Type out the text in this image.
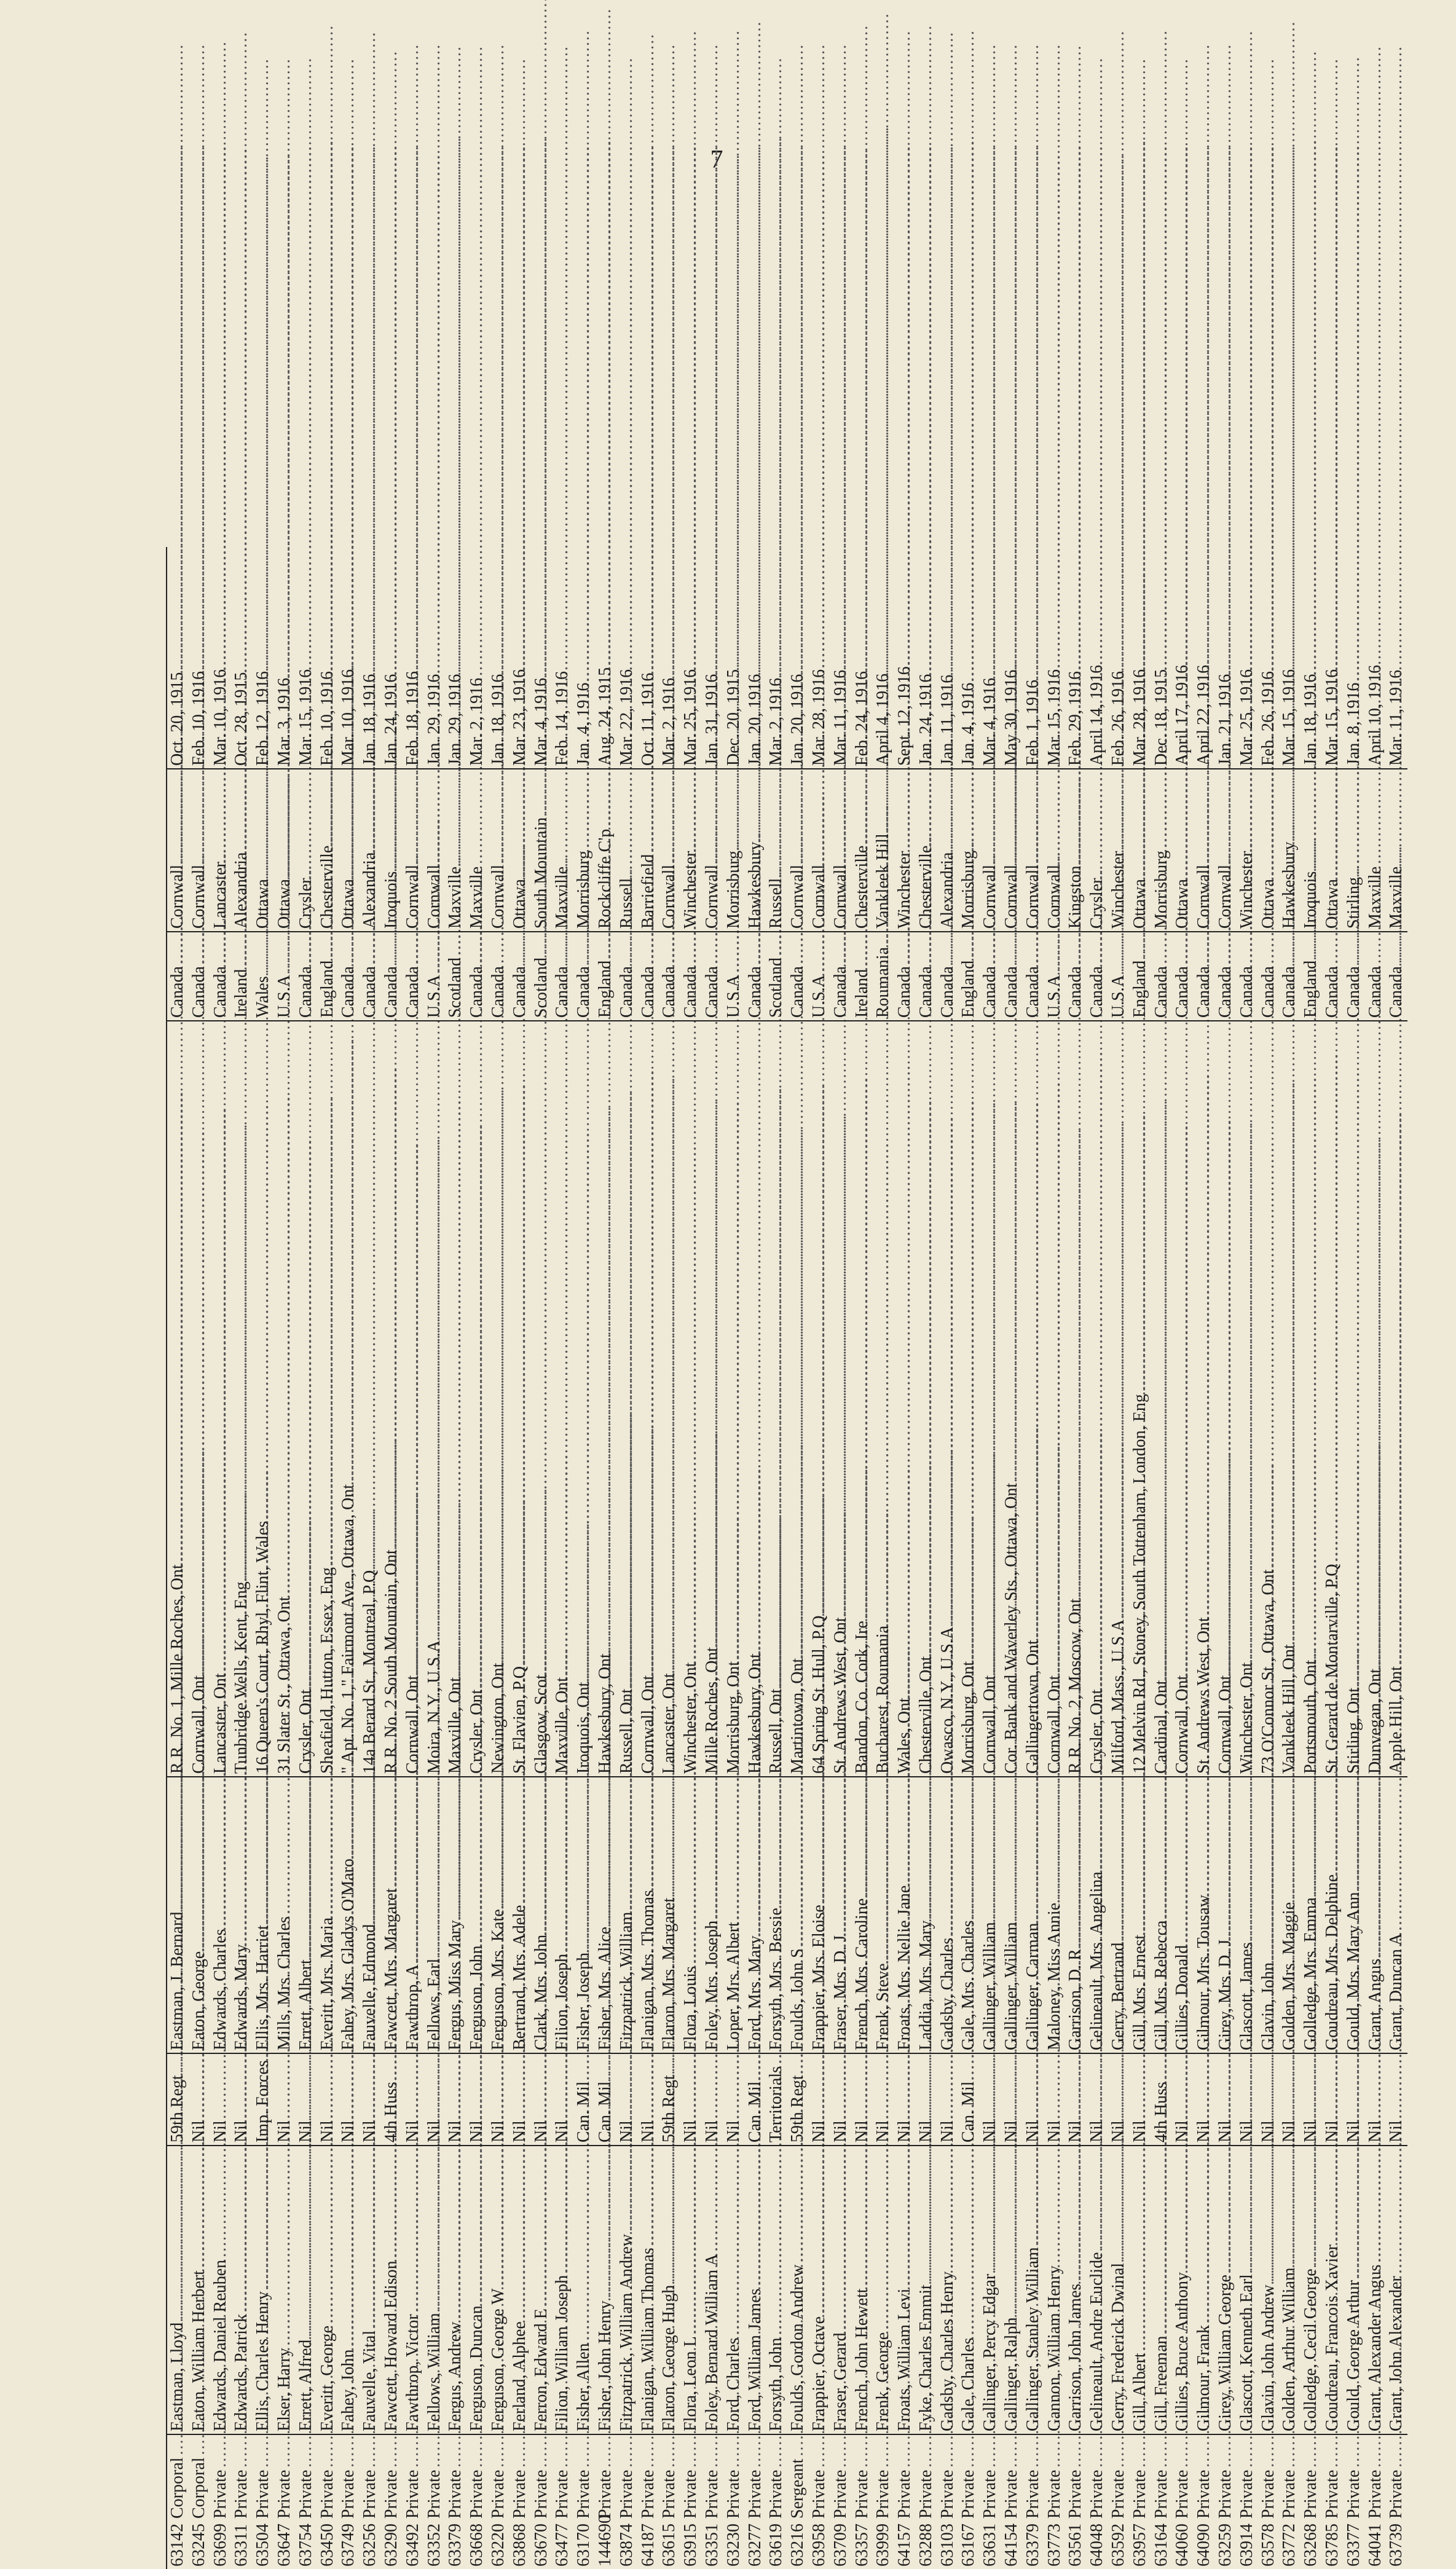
7
63142
Corporal .....
Eastman, Lloyd .....
59th Regt
Eastman, J. Bernard .....
R.R. No. 1, Mille Roches, Ont .....
Canada .....
Cornwall .....
Oct. 20, 1915
63245
Corporal .....
Eaton, William Herbert .....
Nil
Eaton, George .....
Cornwall, Ont .....
Canada .....
Cornwall .....
Feb. 10, 1916
63699
Private .....
Edwards, Daniel Reuben .....
Nil
Edwards, Charles .....
Lancaster, Ont .....
Canada .....
Lancaster .....
Mar. 10, 1916
63311
Private .....
Edwards, Patrick .....
Nil
Edwards, Mary .....
Tunbridge Wells, Kent, Eng .....
Ireland .....
Alexandria .....
Oct. 28, 1915
63504
Private .....
Ellis, Charles Henry .....
Imp. Forces
Ellis, Mrs. Harriet .....
16 Queen's Court, Rhyl, Flint, Wales .....
Wales .....
Ottawa .....
Feb. 12, 1916
63647
Private .....
Elser, Harry .....
Nil
Mills, Mrs. Charles .....
31 Slater St., Ottawa, Ont .....
U.S.A .....
Ottawa .....
Mar. 3, 1916
63754
Private .....
Errett, Alfred .....
Nil
Errett, Albert .....
Crysler, Ont .....
Canada .....
Crysler .....
Mar. 15, 1916
63450
Private .....
Everitt, George .....
Nil
Everitt, Mrs. Maria .....
Sheafield, Hutton, Essex, Eng .....
England .....
Chesterville .....
Feb. 10, 1916
63749
Private .....
Fahey, John .....
Nil
Fahey, Mrs. Gladys O'Maro .....
" Apt. No. 1," Fairmont Ave., Ottawa, Ont .....
Canada .....
Ottawa .....
Mar. 10, 1916
63256
Private .....
Fauvelle, Vital .....
Nil
Fauvelle, Edmond .....
14a Berard St., Montreal, P.Q .....
Canada .....
Alexandria .....
Jan. 18, 1916
63290
Private .....
Fawcett, Howard Edison .....
4th Huss
Fawcett, Mrs. Margaret .....
R.R. No. 2 South Mountain, Ont .....
Canada .....
Iroquois .....
Jan. 24, 1916
63492
Private .....
Fawthrop, Victor .....
Nil
Fawthrop, A .....
Cornwall, Ont .....
Canada .....
Cornwall .....
Feb. 18, 1916
63352
Private .....
Fellows, William .....
Nil
Fellows, Earl .....
Moira, N.Y., U.S.A .....
U.S.A .....
Cornwall .....
Jan. 29, 1916
63379
Private .....
Fergus, Andrew .....
Nil
Fergus, Miss Mary .....
Maxville, Ont .....
Scotland .....
Maxville .....
Jan. 29, 1916
63668
Private .....
Ferguson, Duncan .....
Nil
Ferguson, John .....
Crysler, Ont .....
Canada .....
Maxville .....
Mar. 2, 1916
63220
Private .....
Ferguson, George W .....
Nil
Ferguson, Mrs. Kate .....
Newington, Ont .....
Canada .....
Cornwall .....
Jan. 18, 1916
63868
Private .....
Ferland, Alphee .....
Nil
Bertrand, Mrs. Adele .....
St. Flavien, P.Q .....
Canada .....
Ottawa .....
Mar. 23, 1916
63670
Private .....
Ferron, Edward E .....
Nil
Clark, Mrs. John .....
Glasgow, Scot .....
Scotland .....
South Mountain .....
Mar. 4, 1916
63477
Private .....
Filion, William Joseph .....
Nil
Filion, Joseph .....
Maxville, Ont .....
Canada .....
Maxville .....
Feb. 14, 1916
63170
Private .....
Fisher, Allen .....
Can. Mil
Fisher, Joseph .....
Iroquois, Ont .....
Canada .....
Morrisburg .....
Jan. 4, 1916
144690
Private .....
Fisher, John Henry .....
Can. Mil
Fisher, Mrs. Alice .....
Hawkesbury, Ont .....
England .....
Rockcliffe C'p .....
Aug. 24, 1915
63874
Private .....
Fitzpatrick, William Andrew .....
Nil
Fitzpatrick, William .....
Russell, Ont .....
Canada .....
Russell .....
Mar. 22, 1916
64187
Private .....
Flanigan, William Thomas .....
Nil
Flanigan, Mrs. Thomas .....
Cornwall, Ont .....
Canada .....
Barriefield .....
Oct. 11, 1916
63615
Private .....
Flaron, George Hugh .....
59th Regt
Flaron, Mrs. Margaret .....
Lancaster, Ont .....
Canada .....
Cornwall .....
Mar. 2, 1916
63915
Private .....
Flora, Leon L .....
Nil
Flora, Louis .....
Winchester, Ont .....
Canada .....
Winchester .....
Mar. 25, 1916
63351
Private .....
Foley, Bernard William A .....
Nil
Foley, Mrs. Joseph .....
Mille Roches, Ont .....
Canada .....
Cornwall .....
Jan. 31, 1916
63230
Private .....
Ford, Charles .....
Nil
Loper, Mrs. Albert .....
Morrisburg, Ont .....
U.S.A .....
Morrisburg .....
Dec. 20, 1915
63277
Private .....
Ford, William James .....
Can. Mil
Ford, Mrs. Mary .....
Hawkesbury, Ont .....
Canada .....
Hawkesbury .....
Jan. 20, 1916
63619
Private .....
Forsyth, John .....
Territorials
Forsyth, Mrs. Bessie .....
Russell, Ont .....
Scotland .....
Russell .....
Mar. 2, 1916
63216
Sergeant .....
Foulds, Gordon Andrew .....
59th Regt
Foulds, John S .....
Martintown, Ont .....
Canada .....
Cornwall .....
Jan. 20, 1916
63958
Private .....
Frappier, Octave .....
Nil
Frappier, Mrs. Eloise .....
64 Spring St. Hull, P.Q .....
U.S.A .....
Cornwall .....
Mar. 28, 1916
63709
Private .....
Fraser, Gerard .....
Nil
Fraser, Mrs. D. J .....
St. Andrews West, Ont .....
Canada .....
Cornwall .....
Mar. 11, 1916
63357
Private .....
French, John Hewett .....
Nil
French, Mrs. Caroline .....
Bandon, Co. Cork, Ire .....
Ireland .....
Chesterville .....
Feb. 24, 1916
63999
Private .....
Frenk, George .....
Nil
Frenk, Steve .....
Bucharest, Roumania .....
Roumania .....
Vankleek Hill .....
April 4, 1916
64157
Private .....
Froats, William Levi .....
Nil
Froats, Mrs. Nellie Jane .....
Wales, Ont .....
Canada .....
Winchester .....
Sept. 12, 1916
63288
Private .....
Fyke, Charles Emmit .....
Nil
Laddia, Mrs. Mary .....
Chesterville, Ont .....
Canada .....
Chesterville .....
Jan. 24, 1916
63103
Private .....
Gadsby, Charles Henry .....
Nil
Gadsby, Charles .....
Owasco, N.Y., U.S.A .....
Canada .....
Alexandria .....
Jan. 11, 1916
63167
Private .....
Gale, Charles .....
Can. Mil
Gale, Mrs. Charles .....
Morrisburg, Ont .....
England .....
Morrisburg .....
Jan. 4, 1916
63631
Private .....
Gallinger, Percy Edgar .....
Nil
Gallinger, William .....
Cornwall, Ont .....
Canada .....
Cornwall .....
Mar. 4, 1916
64154
Private .....
Gallinger, Ralph .....
Nil
Gallinger, William .....
Cor. Bank and Waverley Sts., Ottawa, Ont .....
Canada .....
Cornwall .....
May 30, 1916
63379
Private .....
Gallinger, Stanley William .....
Nil
Gallinger, Carman .....
Gallingertown, Ont .....
Canada .....
Cornwall .....
Feb. 1, 1916
63773
Private .....
Gannon, William Henry .....
Nil
Maloney, Miss Annie .....
Cornwall, Ont .....
U.S.A .....
Cornwall .....
Mar. 15, 1916
63561
Private .....
Garrison, John James .....
Nil
Garrison, D. R .....
R.R. No. 2, Moscow, Ont .....
Canada .....
Kingston .....
Feb. 29, 1916
64048
Private .....
Gelineault, Andre Euclide .....
Nil
Gelineault, Mrs. Angelina .....
Crysler, Ont .....
Canada .....
Crysler .....
April 14, 1916
63592
Private .....
Gerry, Frederick Dwinal .....
Nil
Gerry, Bertrand .....
Milford, Mass., U.S.A .....
U.S.A .....
Winchester .....
Feb. 26, 1916
63957
Private .....
Gill, Albert .....
Nil
Gill, Mrs. Ernest .....
12 Melvin Rd., Stoney, South Tottenham, London, Eng .....
England .....
Ottawa .....
Mar. 28, 1916
63164
Private .....
Gill, Freeman .....
4th Huss
Gill, Mrs. Rebecca .....
Cardinal, Ont .....
Canada .....
Morrisburg .....
Dec. 18, 1915
64060
Private .....
Gillies, Bruce Anthony .....
Nil
Gillies, Donald .....
Cornwall, Ont .....
Canada .....
Ottawa .....
April 17, 1916
64090
Private .....
Gilmour, Frank .....
Nil
Gilmour, Mrs. Tousaw .....
St. Andrews West, Ont .....
Canada .....
Cornwall .....
April 22, 1916
63259
Private .....
Girey, William George .....
Nil
Girey, Mrs. D. J .....
Cornwall, Ont .....
Canada .....
Cornwall .....
Jan. 21, 1916
63914
Private .....
Glascott, Kenneth Earl .....
Nil
Glascott, James .....
Winchester, Ont .....
Canada .....
Winchester .....
Mar. 25, 1916
63578
Private .....
Glavin, John Andrew .....
Nil
Glavin, John .....
73 O'Connor St., Ottawa, Ont .....
Canada .....
Ottawa .....
Feb. 26, 1916
63772
Private .....
Golden, Arthur William .....
Nil
Golden, Mrs. Maggie .....
Vankleek Hill, Ont .....
Canada .....
Hawkesbury .....
Mar. 15, 1916
63268
Private .....
Golledge, Cecil George .....
Nil
Golledge, Mrs. Emma .....
Portsmouth, Ont .....
England .....
Iroquois .....
Jan. 18, 1916
63785
Private .....
Goudreau, Francois Xavier .....
Nil
Goudreau, Mrs. Delphine .....
St. Gerard de Montarville, P.Q .....
Canada .....
Ottawa .....
Mar. 15, 1916
63377
Private .....
Gould, George Arthur .....
Nil
Gould, Mrs. Mary Ann .....
Stirling, Ont .....
Canada .....
Stirling .....
Jan. 8, 1916
64041
Private .....
Grant, Alexander Angus .....
Nil
Grant, Angus .....
Dunvegan, Ont .....
Canada .....
Maxville .....
April 10, 1916
63739
Private .....
Grant, John Alexander .....
Nil
Grant, Duncan A .....
Apple Hill, Ont .....
Canada .....
Maxville .....
Mar. 11, 1916
